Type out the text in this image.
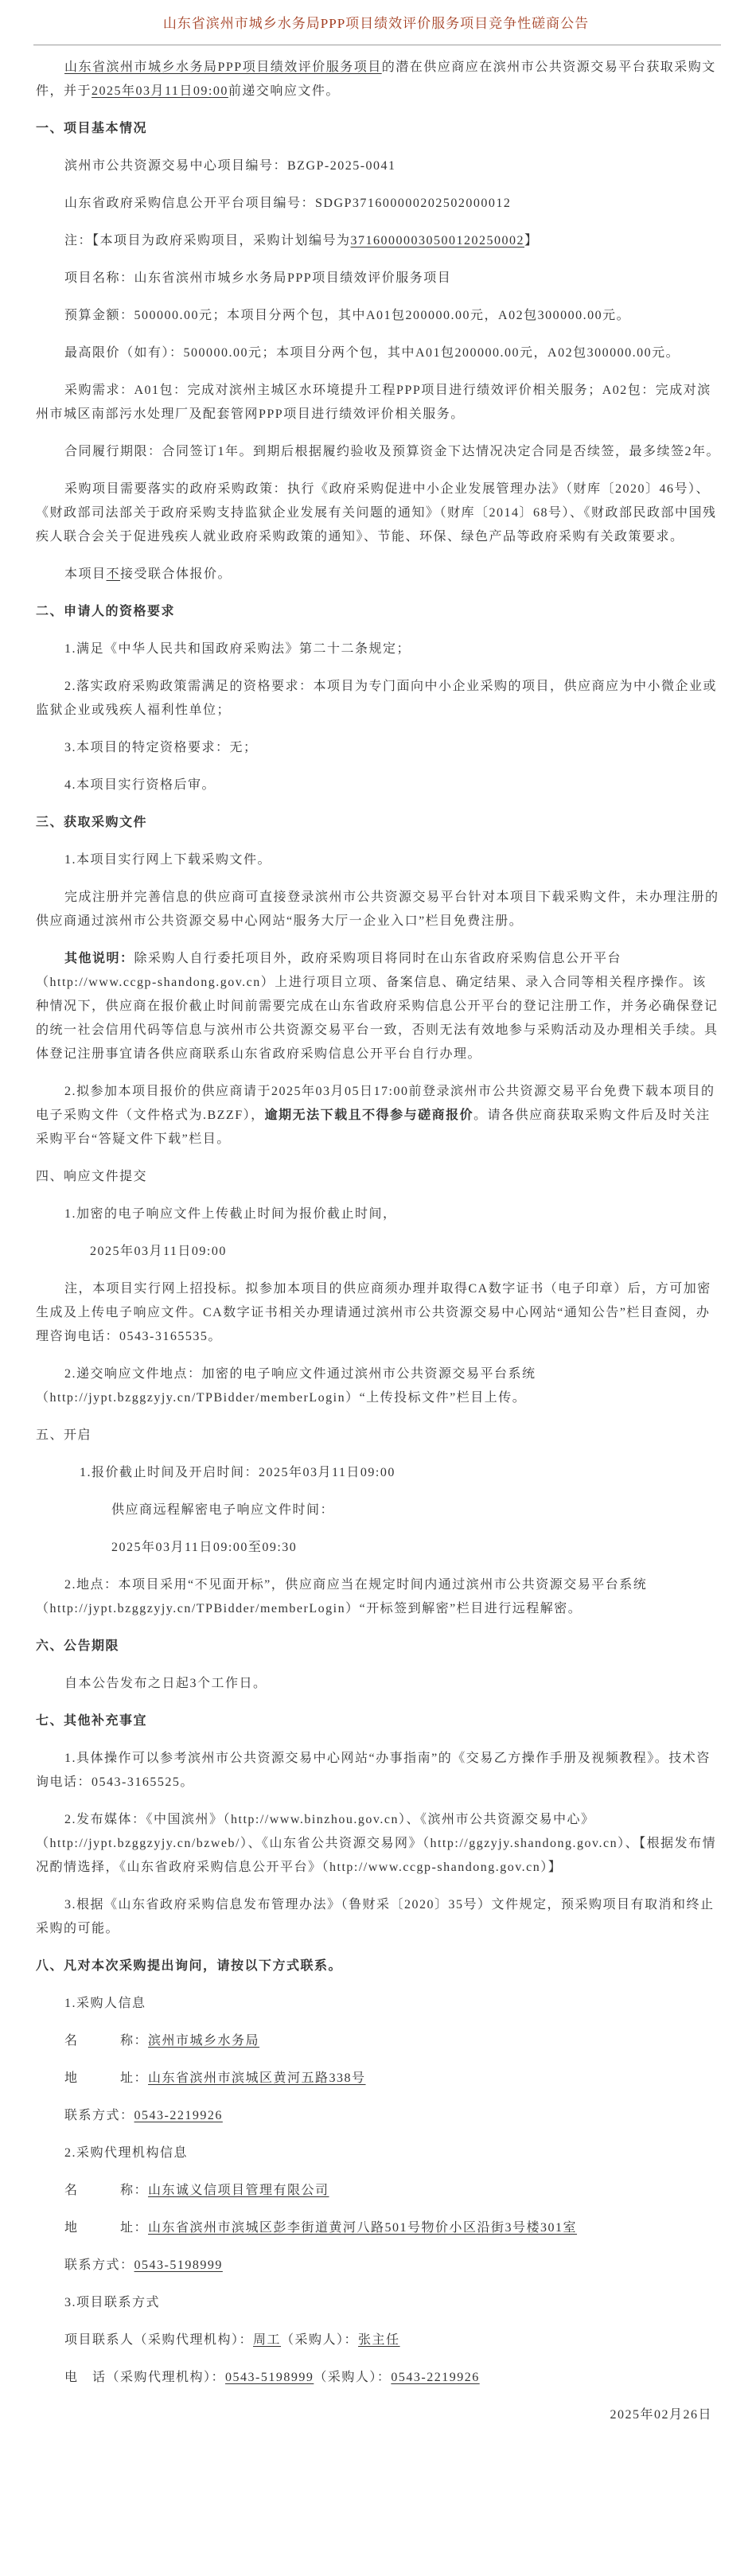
山东省滨州市城乡水务局PPP项目绩效评价服务项目竞争性磋商公告

山东省滨州市城乡水务局PPP项目绩效评价服务项目的潜在供应商应在滨州市公共资源交易平台获取采购文件，并于2025年03月11日09:00前递交响应文件。

一、项目基本情况

滨州市公共资源交易中心项目编号：BZGP-2025-0041

山东省政府采购信息公开平台项目编号：SDGP371600000202502000012

注：【本项目为政府采购项目，采购计划编号为37160000030500120250002】

项目名称：山东省滨州市城乡水务局PPP项目绩效评价服务项目

预算金额：500000.00元；本项目分两个包，其中A01包200000.00元，A02包300000.00元。

最高限价（如有）：500000.00元；本项目分两个包，其中A01包200000.00元，A02包300000.00元。

采购需求：A01包：完成对滨州主城区水环境提升工程PPP项目进行绩效评价相关服务；A02包：完成对滨州市城区南部污水处理厂及配套管网PPP项目进行绩效评价相关服务。

合同履行期限：合同签订1年。到期后根据履约验收及预算资金下达情况决定合同是否续签，最多续签2年。

采购项目需要落实的政府采购政策：执行《政府采购促进中小企业发展管理办法》（财库〔2020〕46号）、《财政部司法部关于政府采购支持监狱企业发展有关问题的通知》（财库〔2014〕68号）、《财政部民政部中国残疾人联合会关于促进残疾人就业政府采购政策的通知》、节能、环保、绿色产品等政府采购有关政策要求。

本项目不接受联合体报价。

二、申请人的资格要求

1.满足《中华人民共和国政府采购法》第二十二条规定；

2.落实政府采购政策需满足的资格要求：本项目为专门面向中小企业采购的项目，供应商应为中小微企业或监狱企业或残疾人福利性单位；

3.本项目的特定资格要求：无；

4.本项目实行资格后审。

三、获取采购文件

1.本项目实行网上下载采购文件。

完成注册并完善信息的供应商可直接登录滨州市公共资源交易平台针对本项目下载采购文件，未办理注册的供应商通过滨州市公共资源交易中心网站“服务大厅一企业入口”栏目免费注册。

其他说明：除采购人自行委托项目外，政府采购项目将同时在山东省政府采购信息公开平台（http://www.ccgp-shandong.gov.cn）上进行项目立项、备案信息、确定结果、录入合同等相关程序操作。该种情况下，供应商在报价截止时间前需要完成在山东省政府采购信息公开平台的登记注册工作，并务必确保登记的统一社会信用代码等信息与滨州市公共资源交易平台一致，否则无法有效地参与采购活动及办理相关手续。具体登记注册事宜请各供应商联系山东省政府采购信息公开平台自行办理。

2.拟参加本项目报价的供应商请于2025年03月05日17:00前登录滨州市公共资源交易平台免费下载本项目的电子采购文件（文件格式为.BZZF），逾期无法下载且不得参与磋商报价。请各供应商获取采购文件后及时关注采购平台“答疑文件下载”栏目。

四、响应文件提交

1.加密的电子响应文件上传截止时间为报价截止时间，

2025年03月11日09:00

注，本项目实行网上招投标。拟参加本项目的供应商须办理并取得CA数字证书（电子印章）后，方可加密生成及上传电子响应文件。CA数字证书相关办理请通过滨州市公共资源交易中心网站“通知公告”栏目查阅，办理咨询电话：0543-3165535。

2.递交响应文件地点：加密的电子响应文件通过滨州市公共资源交易平台系统（http://jypt.bzggzyjy.cn/TPBidder/memberLogin）“上传投标文件”栏目上传。

五、开启

1.报价截止时间及开启时间：2025年03月11日09:00

供应商远程解密电子响应文件时间：

2025年03月11日09:00至09:30

2.地点：本项目采用“不见面开标”，供应商应当在规定时间内通过滨州市公共资源交易平台系统（http://jypt.bzggzyjy.cn/TPBidder/memberLogin）“开标签到解密”栏目进行远程解密。

六、公告期限

自本公告发布之日起3个工作日。

七、其他补充事宜

1.具体操作可以参考滨州市公共资源交易中心网站“办事指南”的《交易乙方操作手册及视频教程》。技术咨询电话：0543-3165525。

2.发布媒体：《中国滨州》（http://www.binzhou.gov.cn）、《滨州市公共资源交易中心》（http://jypt.bzggzyjy.cn/bzweb/）、《山东省公共资源交易网》（http://ggzyjy.shandong.gov.cn）、【根据发布情况酌情选择，《山东省政府采购信息公开平台》（http://www.ccgp-shandong.gov.cn）】

3.根据《山东省政府采购信息发布管理办法》（鲁财采〔2020〕35号）文件规定，预采购项目有取消和终止采购的可能。

八、凡对本次采购提出询问，请按以下方式联系。

1.采购人信息

名　　　称：滨州市城乡水务局

地　　　址：山东省滨州市滨城区黄河五路338号

联系方式：0543-2219926

2.采购代理机构信息

名　　　称：山东诚义信项目管理有限公司

地　　　址：山东省滨州市滨城区彭李街道黄河八路501号物价小区沿街3号楼301室

联系方式：0543-5198999

3.项目联系方式

项目联系人（采购代理机构）：周工（采购人）：张主任

电　话（采购代理机构）：0543-5198999（采购人）：0543-2219926

2025年02月26日
